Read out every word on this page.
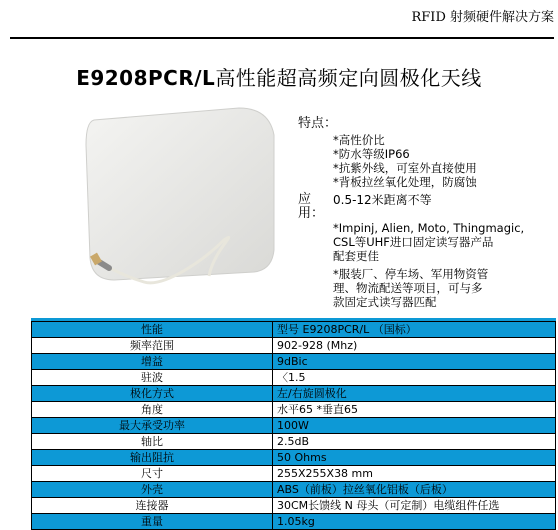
RFID 射频硬件解决方案
E9208PCR/L高性能超高频定向圆极化天线
特点：
*高性价比
*防水等级IP66
*抗紫外线，可室外直接使用
*背板拉丝氧化处理，防腐蚀
应用：
0.5-12米距离不等
*Impinj, Alien, Moto, Thingmagic,
CSL等UHF进口固定读写器产品
配套更佳
*服装厂、停车场、军用物资管
理、物流配送等项目，可与多
款固定式读写器匹配
性能	型号 E9208PCR/L （国标）
频率范围	902-928 (Mhz)
增益	9dBic
驻波	〈1.5
极化方式	左/右旋圆极化
角度	水平65 *垂直65
最大承受功率	100W
轴比	2.5dB
输出阻抗	50 Ohms
尺寸	255X255X38 mm
外壳	ABS（前板）拉丝氧化铝板（后板）
连接器	30CM长馈线 N 母头（可定制）电缆组件任选
重量	1.05kg
